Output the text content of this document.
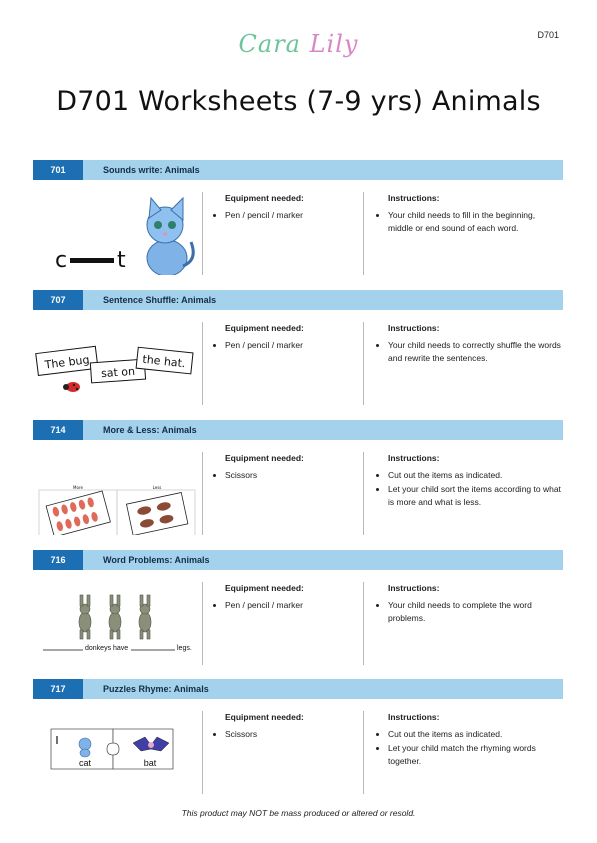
D701
Cara Lily
D701 Worksheets (7-9 yrs) Animals
701	Sounds write: Animals
c t
Equipment needed:
• Pen / pencil / marker
Instructions:
• Your child needs to fill in the beginning, middle or end sound of each word.
707	Sentence Shuffle: Animals
The bug
sat on
the hat.
Equipment needed:
• Pen / pencil / marker
Instructions:
• Your child needs to correctly shuffle the words and rewrite the sentences.
714	More & Less: Animals
More	Less
Equipment needed:
• Scissors
Instructions:
• Cut out the items as indicated.
• Let your child sort the items according to what is more and what is less.
716	Word Problems: Animals
donkeys have	legs.
Equipment needed:
• Pen / pencil / marker
Instructions:
• Your child needs to complete the word problems.
717	Puzzles Rhyme: Animals
cat	bat
Equipment needed:
• Scissors
Instructions:
• Cut out the items as indicated.
• Let your child match the rhyming words together.
This product may NOT be mass produced or altered or resold.
